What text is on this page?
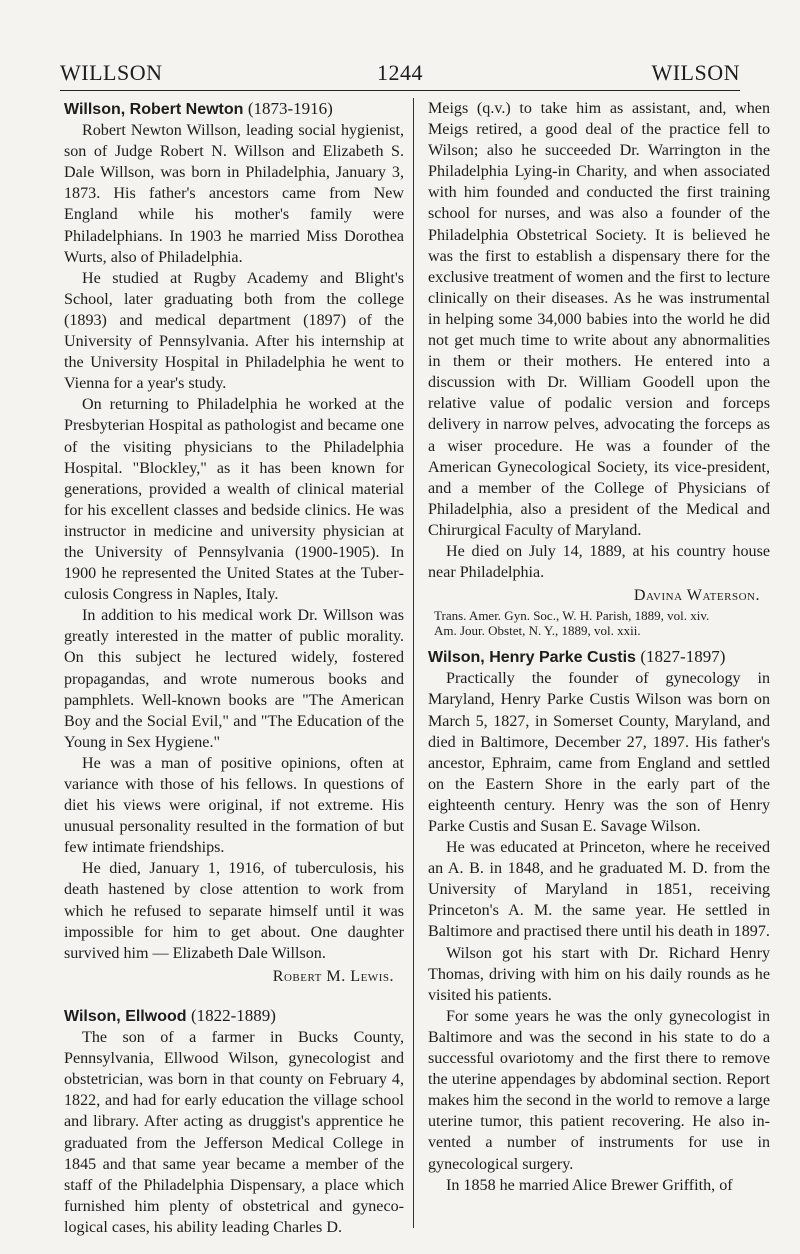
WILLSON	1244	WILSON

Willson, Robert Newton (1873-1916)

Robert Newton Willson, leading social hygienist, son of Judge Robert N. Willson and Elizabeth S. Dale Willson, was born in Philadelphia, January 3, 1873. His father's ancestors came from New England while his mother's family were Philadelphians. In 1903 he married Miss Dorothea Wurts, also of Philadelphia.

He studied at Rugby Academy and Blight's School, later graduating both from the college (1893) and medical department (1897) of the University of Pennsylvania. After his internship at the University Hospital in Philadelphia he went to Vienna for a year's study.

On returning to Philadelphia he worked at the Presbyterian Hospital as pathologist and became one of the visiting physicians to the Philadelphia Hospital. "Blockley," as it has been known for generations, provided a wealth of clinical material for his excellent classes and bedside clinics. He was instructor in medicine and university physician at the University of Pennsylvania (1900-1905). In 1900 he represented the United States at the Tuberculosis Congress in Naples, Italy.

In addition to his medical work Dr. Willson was greatly interested in the matter of public morality. On this subject he lectured widely, fostered propagandas, and wrote numerous books and pamphlets. Well-known books are "The American Boy and the Social Evil," and "The Education of the Young in Sex Hygiene."

He was a man of positive opinions, often at variance with those of his fellows. In questions of diet his views were original, if not extreme. His unusual personality resulted in the formation of but few intimate friendships.

He died, January 1, 1916, of tuberculosis, his death hastened by close attention to work from which he refused to separate himself until it was impossible for him to get about. One daughter survived him — Elizabeth Dale Willson.

Robert M. Lewis.

Wilson, Ellwood (1822-1889)

The son of a farmer in Bucks County, Pennsylvania, Ellwood Wilson, gynecologist and obstetrician, was born in that county on February 4, 1822, and had for early education the village school and library. After acting as druggist's apprentice he graduated from the Jefferson Medical College in 1845 and that same year became a member of the staff of the Philadelphia Dispensary, a place which furnished him plenty of obstetrical and gynecological cases, his ability leading Charles D.

Meigs (q.v.) to take him as assistant, and, when Meigs retired, a good deal of the practice fell to Wilson; also he succeeded Dr. Warrington in the Philadelphia Lying-in Charity, and when associated with him founded and conducted the first training school for nurses, and was also a founder of the Philadelphia Obstetrical Society. It is believed he was the first to establish a dispensary there for the exclusive treatment of women and the first to lecture clinically on their diseases. As he was instrumental in helping some 34,000 babies into the world he did not get much time to write about any abnormalities in them or their mothers. He entered into a discussion with Dr. William Goodell upon the relative value of podalic version and forceps delivery in narrow pelves, advocating the forceps as a wiser procedure. He was a founder of the American Gynecological Society, its vice-president, and a member of the College of Physicians of Philadelphia, also a president of the Medical and Chirurgical Faculty of Maryland.

He died on July 14, 1889, at his country house near Philadelphia.

Davina Waterson.

Trans. Amer. Gyn. Soc., W. H. Parish, 1889, vol. xiv.
Am. Jour. Obstet, N. Y., 1889, vol. xxii.

Wilson, Henry Parke Custis (1827-1897)

Practically the founder of gynecology in Maryland, Henry Parke Custis Wilson was born on March 5, 1827, in Somerset County, Maryland, and died in Baltimore, December 27, 1897. His father's ancestor, Ephraim, came from England and settled on the Eastern Shore in the early part of the eighteenth century. Henry was the son of Henry Parke Custis and Susan E. Savage Wilson.

He was educated at Princeton, where he received an A. B. in 1848, and he graduated M. D. from the University of Maryland in 1851, receiving Princeton's A. M. the same year. He settled in Baltimore and practised there until his death in 1897.

Wilson got his start with Dr. Richard Henry Thomas, driving with him on his daily rounds as he visited his patients.

For some years he was the only gynecologist in Baltimore and was the second in his state to do a successful ovariotomy and the first there to remove the uterine appendages by abdominal section. Report makes him the second in the world to remove a large uterine tumor, this patient recovering. He also invented a number of instruments for use in gynecological surgery.

In 1858 he married Alice Brewer Griffith, of
